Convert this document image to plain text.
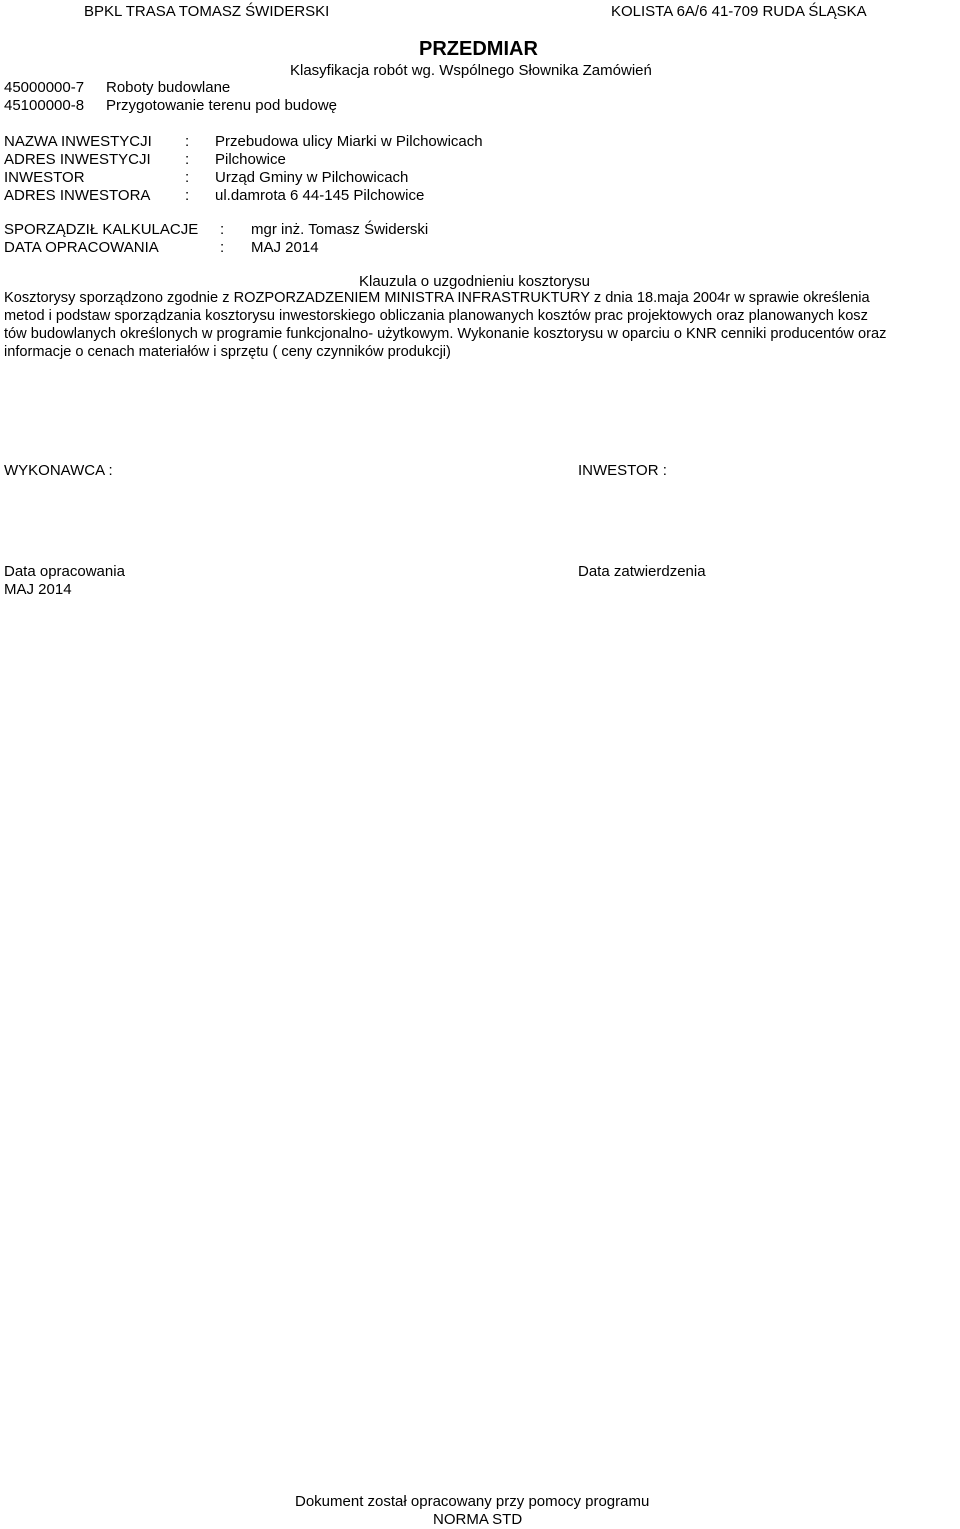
BPKL TRASA TOMASZ ŚWIDERSKI	KOLISTA 6A/6 41-709 RUDA ŚLĄSKA
PRZEDMIAR
Klasyfikacja robót wg. Wspólnego Słownika Zamówień
45000000-7 Roboty budowlane
45100000-8 Przygotowanie terenu pod budowę
NAZWA INWESTYCJI : Przebudowa ulicy Miarki w Pilchowicach
ADRES INWESTYCJI : Pilchowice
INWESTOR	: Urząd Gminy w Pilchowicach
ADRES INWESTORA : ul.damrota 6 44-145 Pilchowice
SPORZĄDZIŁ KALKULACJE : mgr inż. Tomasz Świderski
DATA OPRACOWANIA	: MAJ 2014
Klauzula o uzgodnieniu kosztorysu
Kosztorysy sporządzono zgodnie z ROZPORZADZENIEM MINISTRA INFRASTRUKTURY z dnia 18.maja 2004r w sprawie określenia
metod i podstaw sporządzania kosztorysu inwestorskiego obliczania planowanych kosztów prac projektowych oraz planowanych kosz
tów budowlanych określonych w programie funkcjonalno- użytkowym. Wykonanie kosztorysu w oparciu o KNR cenniki producentów oraz
informacje o cenach materiałów i sprzętu ( ceny czynników produkcji)
WYKONAWCA :	INWESTOR :
Data opracowania
MAJ 2014
Data zatwierdzenia
Dokument został opracowany przy pomocy programu
NORMA STD
